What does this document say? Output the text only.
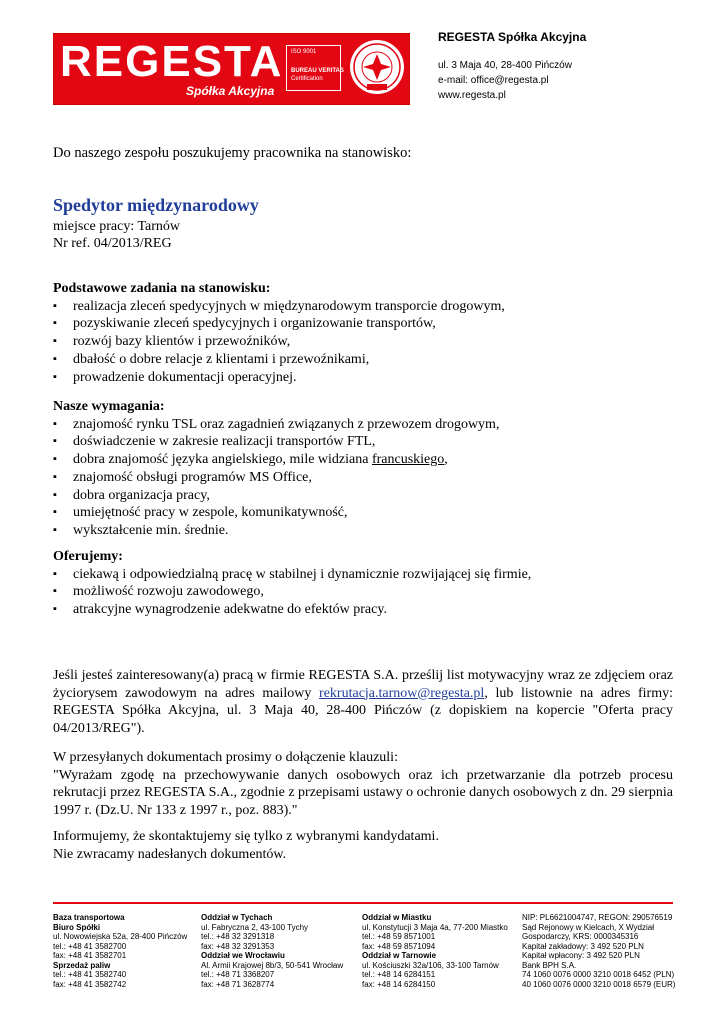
REGESTA
Spółka Akcyjna
ISO 9001
BUREAU VERITAS
Certification
REGESTA Spółka Akcyjna
ul. 3 Maja 40, 28-400 Pińczów
e-mail: office@regesta.pl
www.regesta.pl

Do naszego zespołu poszukujemy pracownika na stanowisko:

Spedytor międzynarodowy
miejsce pracy: Tarnów
Nr ref. 04/2013/REG
Podstawowe zadania na stanowisku:
▪ realizacja zleceń spedycyjnych w międzynarodowym transporcie drogowym,
▪ pozyskiwanie zleceń spedycyjnych i organizowanie transportów,
▪ rozwój bazy klientów i przewoźników,
▪ dbałość o dobre relacje z klientami i przewoźnikami,
▪ prowadzenie dokumentacji operacyjnej.
Nasze wymagania:
▪ znajomość rynku TSL oraz zagadnień związanych z przewozem drogowym,
▪ doświadczenie w zakresie realizacji transportów FTL,
▪ dobra znajomość języka angielskiego, mile widziana francuskiego,
▪ znajomość obsługi programów MS Office,
▪ dobra organizacja pracy,
▪ umiejętność pracy w zespole, komunikatywność,
▪ wykształcenie min. średnie.
Oferujemy:
▪ ciekawą i odpowiedzialną pracę w stabilnej i dynamicznie rozwijającej się firmie,
▪ możliwość rozwoju zawodowego,
▪ atrakcyjne wynagrodzenie adekwatne do efektów pracy.

Jeśli jesteś zainteresowany(a) pracą w firmie REGESTA S.A. prześlij list motywacyjny wraz ze zdjęciem oraz życiorysem zawodowym na adres mailowy rekrutacja.tarnow@regesta.pl, lub listownie na adres firmy: REGESTA Spółka Akcyjna, ul. 3 Maja 40, 28-400 Pińczów (z dopiskiem na kopercie "Oferta pracy 04/2013/REG").

W przesyłanych dokumentach prosimy o dołączenie klauzuli:
"Wyrażam zgodę na przechowywanie danych osobowych oraz ich przetwarzanie dla potrzeb procesu rekrutacji przez REGESTA S.A., zgodnie z przepisami ustawy o ochronie danych osobowych z dn. 29 sierpnia 1997 r. (Dz.U. Nr 133 z 1997 r., poz. 883)."
Informujemy, że skontaktujemy się tylko z wybranymi kandydatami.
Nie zwracamy nadesłanych dokumentów.
Baza transportowa
Biuro Spółki
ul. Nowowiejska 52a, 28-400 Pińczów
tel.: +48 41 3582700
fax: +48 41 3582701
Sprzedaż paliw
tel.: +48 41 3582740
fax: +48 41 3582742
Oddział w Tychach
ul. Fabryczna 2, 43-100 Tychy
tel.: +48 32 3291318
fax: +48 32 3291353
Oddział we Wrocławiu
Al. Armii Krajowej 8b/3, 50-541 Wrocław
tel.: +48 71 3368207
fax: +48 71 3628774
Oddział w Miastku
ul. Konstytucji 3 Maja 4a, 77-200 Miastko
tel.: +48 59 8571001
fax: +48 59 8571094
Oddział w Tarnowie
ul. Kościuszki 32a/106, 33-100 Tarnów
tel.: +48 14 6284151
fax: +48 14 6284150
NIP: PL6621004747, REGON: 290576519
Sąd Rejonowy w Kielcach, X Wydział
Gospodarczy, KRS: 0000345316
Kapitał zakładowy: 3 492 520 PLN
Kapitał wpłacony: 3 492 520 PLN
Bank BPH S.A.
74 1060 0076 0000 3210 0018 6452 (PLN)
40 1060 0076 0000 3210 0018 6579 (EUR)
